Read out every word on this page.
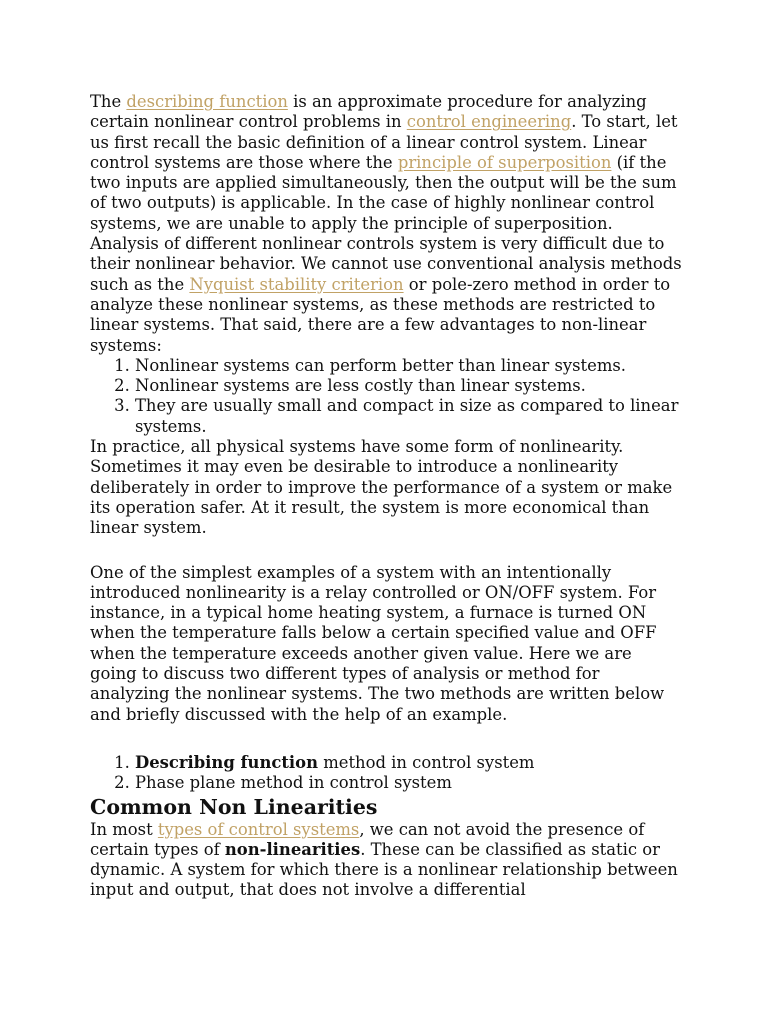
The describing function is an approximate procedure for analyzing certain nonlinear control problems in control engineering. To start, let us first recall the basic definition of a linear control system. Linear control systems are those where the principle of superposition (if the two inputs are applied simultaneously, then the output will be the sum of two outputs) is applicable. In the case of highly nonlinear control systems, we are unable to apply the principle of superposition.

Analysis of different nonlinear controls system is very difficult due to their nonlinear behavior. We cannot use conventional analysis methods such as the Nyquist stability criterion or pole-zero method in order to analyze these nonlinear systems, as these methods are restricted to linear systems. That said, there are a few advantages to non-linear systems:

1. Nonlinear systems can perform better than linear systems.
2. Nonlinear systems are less costly than linear systems.
3. They are usually small and compact in size as compared to linear systems.

In practice, all physical systems have some form of nonlinearity. Sometimes it may even be desirable to introduce a nonlinearity deliberately in order to improve the performance of a system or make its operation safer. At it result, the system is more economical than linear system.

One of the simplest examples of a system with an intentionally introduced nonlinearity is a relay controlled or ON/OFF system. For instance, in a typical home heating system, a furnace is turned ON when the temperature falls below a certain specified value and OFF when the temperature exceeds another given value. Here we are going to discuss two different types of analysis or method for analyzing the nonlinear systems. The two methods are written below and briefly discussed with the help of an example.

1. Describing function method in control system
2. Phase plane method in control system
Common Non Linearities

In most types of control systems, we can not avoid the presence of certain types of non-linearities. These can be classified as static or dynamic. A system for which there is a nonlinear relationship between input and output, that does not involve a differential
